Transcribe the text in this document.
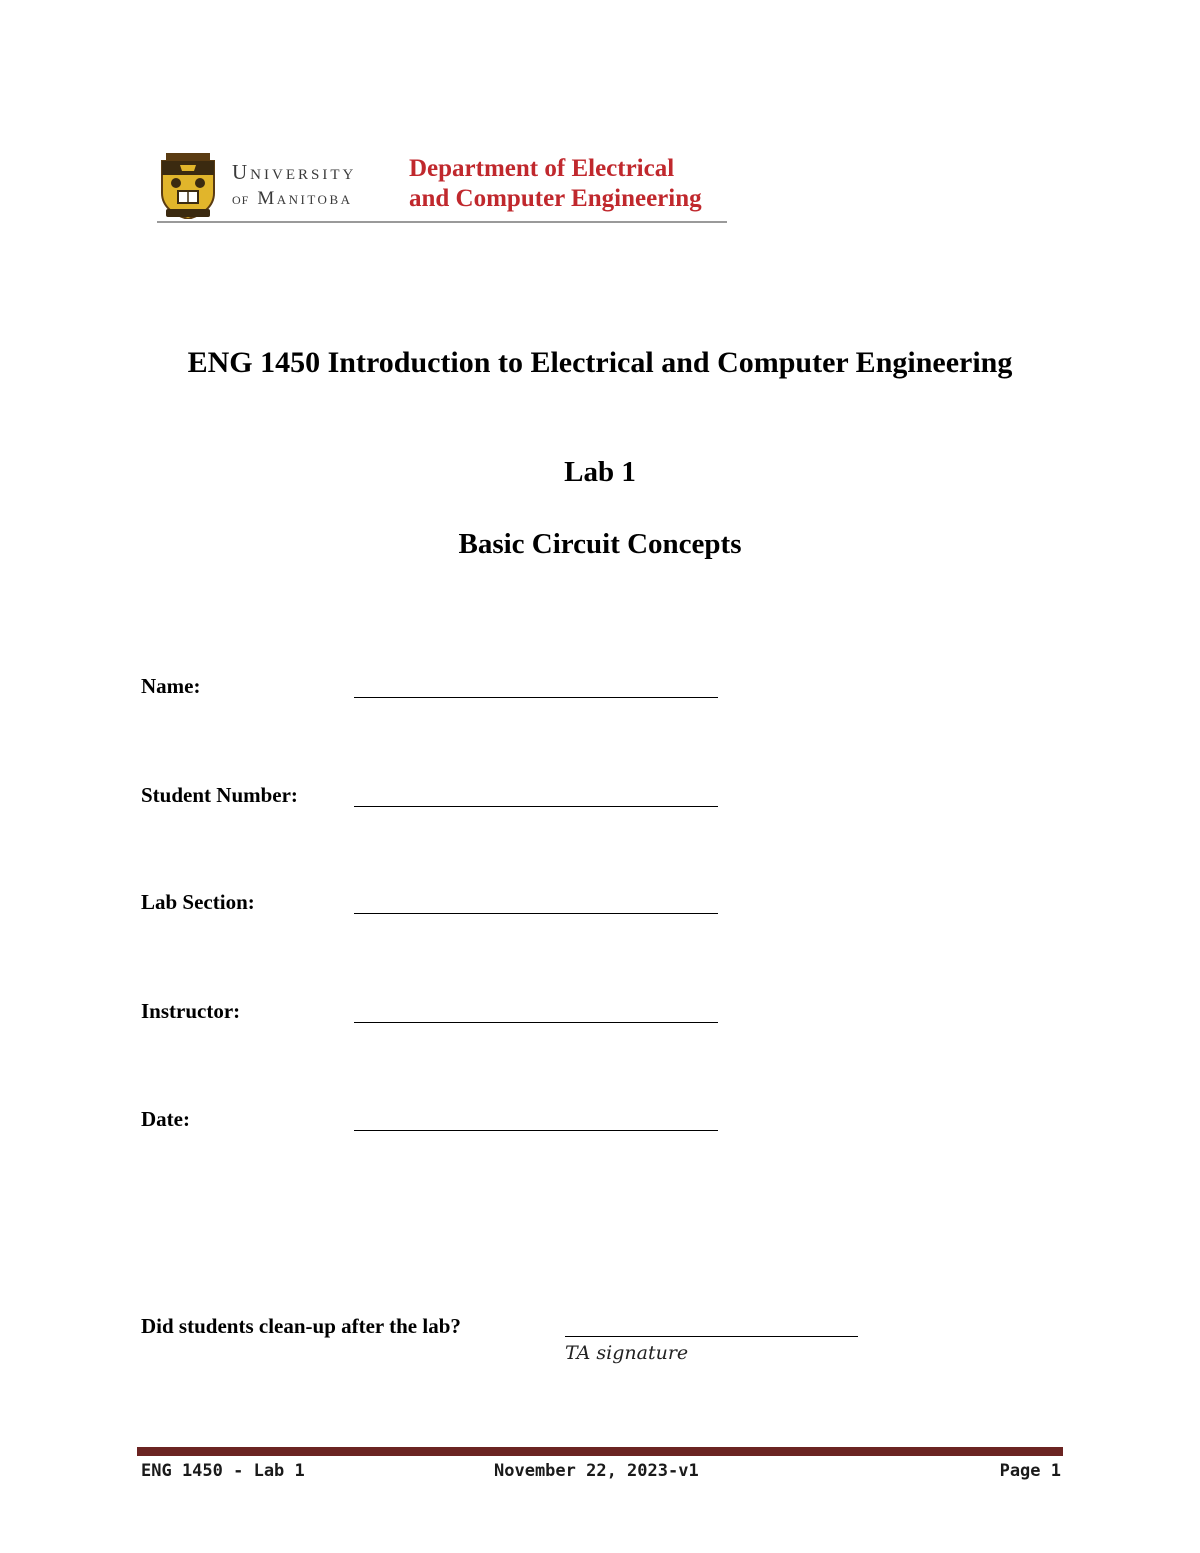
University
OF Manitoba
Department of Electrical
and Computer Engineering
ENG 1450 Introduction to Electrical and Computer Engineering
Lab 1
Basic Circuit Concepts
Name:
Student Number:
Lab Section:
Instructor:
Date:
Did students clean-up after the lab?
TA signature
ENG 1450 - Lab 1	November 22, 2023-v1	Page 1
